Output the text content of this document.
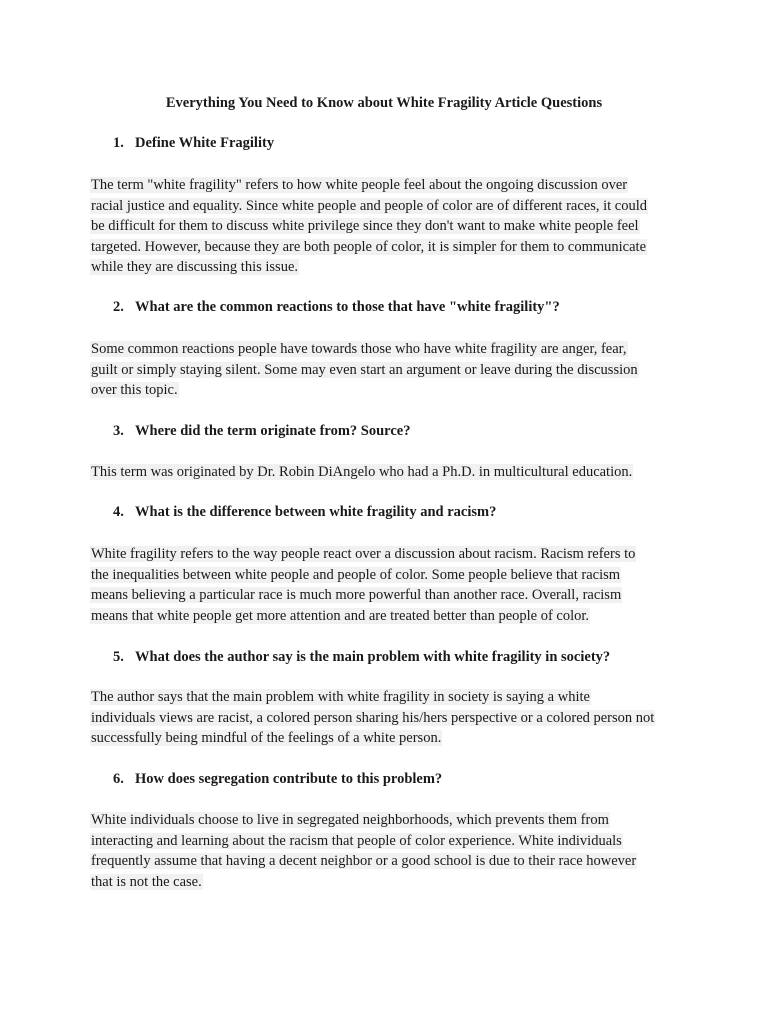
Everything You Need to Know about White Fragility Article Questions
1. Define White Fragility
The term "white fragility" refers to how white people feel about the ongoing discussion over
racial justice and equality. Since white people and people of color are of different races, it could
be difficult for them to discuss white privilege since they don't want to make white people feel
targeted. However, because they are both people of color, it is simpler for them to communicate
while they are discussing this issue.
2. What are the common reactions to those that have "white fragility"?
Some common reactions people have towards those who have white fragility are anger, fear,
guilt or simply staying silent. Some may even start an argument or leave during the discussion
over this topic.
3. Where did the term originate from? Source?
This term was originated by Dr. Robin DiAngelo who had a Ph.D. in multicultural education.
4. What is the difference between white fragility and racism?
White fragility refers to the way people react over a discussion about racism. Racism refers to
the inequalities between white people and people of color. Some people believe that racism
means believing a particular race is much more powerful than another race. Overall, racism
means that white people get more attention and are treated better than people of color.
5. What does the author say is the main problem with white fragility in society?
The author says that the main problem with white fragility in society is saying a white
individuals views are racist, a colored person sharing his/hers perspective or a colored person not
successfully being mindful of the feelings of a white person.
6. How does segregation contribute to this problem?
White individuals choose to live in segregated neighborhoods, which prevents them from
interacting and learning about the racism that people of color experience. White individuals
frequently assume that having a decent neighbor or a good school is due to their race however
that is not the case.
